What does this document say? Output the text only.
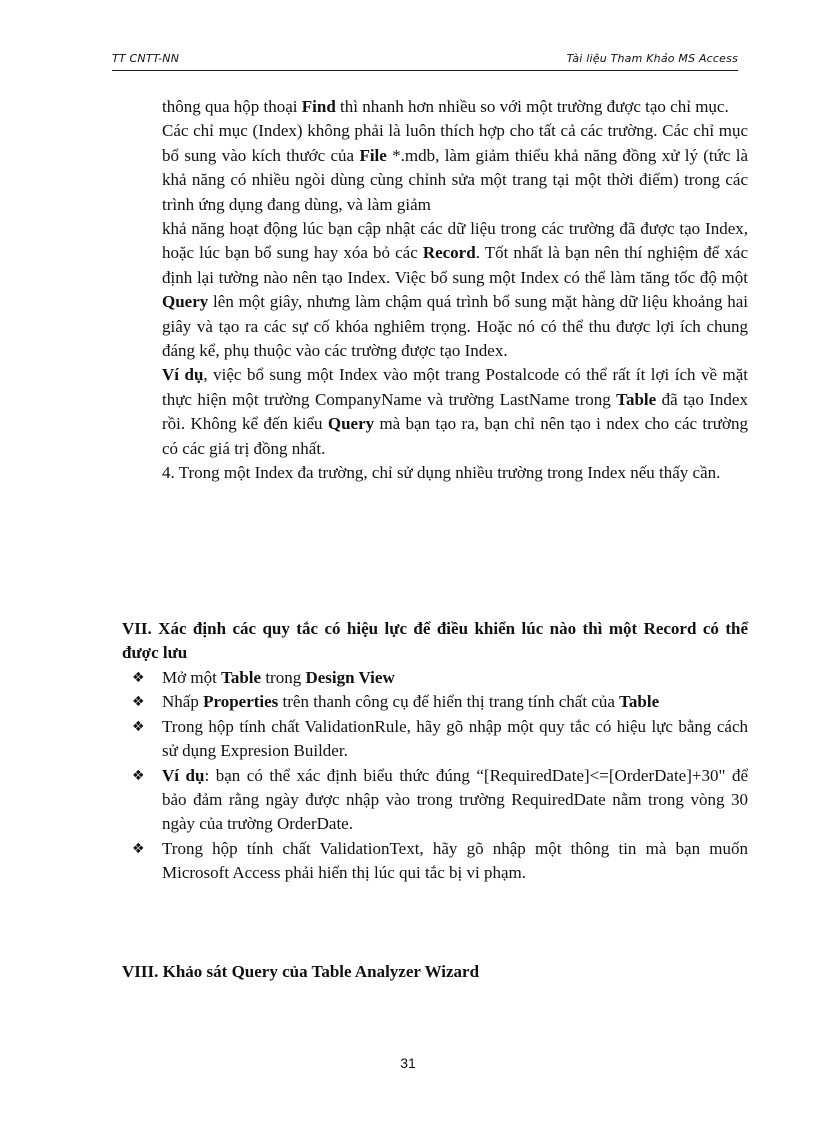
TT CNTT-NN	Tài liệu Tham Khảo MS Access

thông qua hộp thoại Find thì nhanh hơn nhiều so với một trường được tạo chỉ mục.

Các chỉ mục (Index) không phải là luôn thích hợp cho tất cả các trường. Các chỉ mục bổ sung vào kích thước của File *.mdb, làm giảm thiểu khả năng đồng xử lý (tức là khả năng có nhiều ngòi dùng cùng chỉnh sửa một trang tại một thời điểm) trong các trình ứng dụng đang dùng, và làm giảm

khả năng hoạt động lúc bạn cập nhật các dữ liệu trong các trường đã được tạo Index, hoặc lúc bạn bổ sung hay xóa bỏ các Record. Tốt nhất là bạn nên thí nghiệm để xác định lại tường nào nên tạo Index. Việc bổ sung một Index có thể làm tăng tốc độ một Query lên một giây, nhưng làm chậm quá trình bổ sung mặt hàng dữ liệu khoảng hai giây và tạo ra các sự cố khóa nghiêm trọng. Hoặc nó có thể thu được lợi ích chung đáng kể, phụ thuộc vào các trường được tạo Index.

Ví dụ, việc bổ sung một Index vào một trang Postalcode có thể rất ít lợi ích về mặt thực hiện một trường CompanyName và trường LastName trong Table đã tạo Index rồi. Không kể đến kiểu Query mà bạn tạo ra, bạn chỉ nên tạo i ndex cho các trường có các giá trị đồng nhất.

4. Trong một Index đa trường, chỉ sử dụng nhiều trường trong Index nếu thấy cần.

VII. Xác định các quy tắc có hiệu lực để điều khiển lúc nào thì một Record có thể được lưu

❖ Mở một Table trong Design View
❖ Nhấp Properties trên thanh công cụ để hiển thị trang tính chất của Table
❖ Trong hộp tính chất ValidationRule, hãy gõ nhập một quy tắc có hiệu lực bằng cách sử dụng Expresion Builder.
❖ Ví dụ: bạn có thể xác định biểu thức đúng “[RequiredDate]<=[OrderDate]+30" để bảo đảm rằng ngày được nhập vào trong trường RequiredDate nằm trong vòng 30 ngày của trường OrderDate.
❖ Trong hộp tính chất ValidationText, hãy gõ nhập một thông tin mà bạn muốn Microsoft Access phải hiển thị lúc qui tắc bị vi phạm.

VIII. Khảo sát Query của Table Analyzer Wizard

31
